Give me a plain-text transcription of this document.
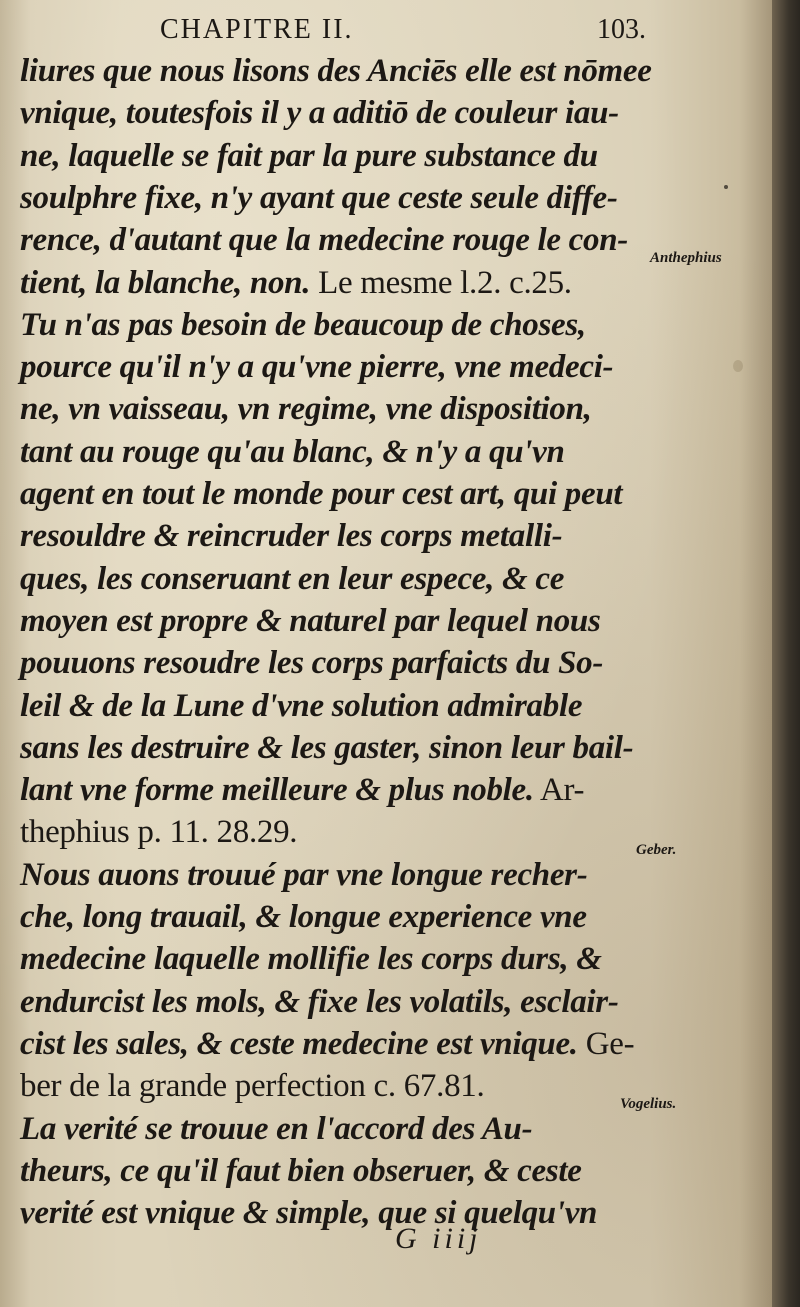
CHAPITRE II.	103.

liures que nous lisons des Anciēs elle est nōmee

vnique, toutesfois il y a aditiō de couleur iau-

ne, laquelle se fait par la pure substance du

soulphre fixe, n'y ayant que ceste seule diffe-

rence, d'autant que la medecine rouge le con-

tient, la blanche, non. Le mesme l.2. c.25.

Tu n'as pas besoin de beaucoup de choses,

pource qu'il n'y a qu'vne pierre, vne medeci-

ne, vn vaisseau, vn regime, vne disposition,

tant au rouge qu'au blanc, & n'y a qu'vn

agent en tout le monde pour cest art, qui peut

resouldre & reincruder les corps metalli-

ques, les conseruant en leur espece, & ce

moyen est propre & naturel par lequel nous

pouuons resoudre les corps parfaicts du So-

leil & de la Lune d'vne solution admirable

sans les destruire & les gaster, sinon leur bail-

lant vne forme meilleure & plus noble. Ar-

thephius p. 11. 28.29.

Nous auons trouué par vne longue recher-

che, long trauail, & longue experience vne

medecine laquelle mollifie les corps durs, &

endurcist les mols, & fixe les volatils, esclair-

cist les sales, & ceste medecine est vnique. Ge-

ber de la grande perfection c. 67.81.

La verité se trouue en l'accord des Au-

theurs, ce qu'il faut bien obseruer, & ceste

verité est vnique & simple, que si quelqu'vn

Anthephius
Geber.
Vogelius.
G iiij
